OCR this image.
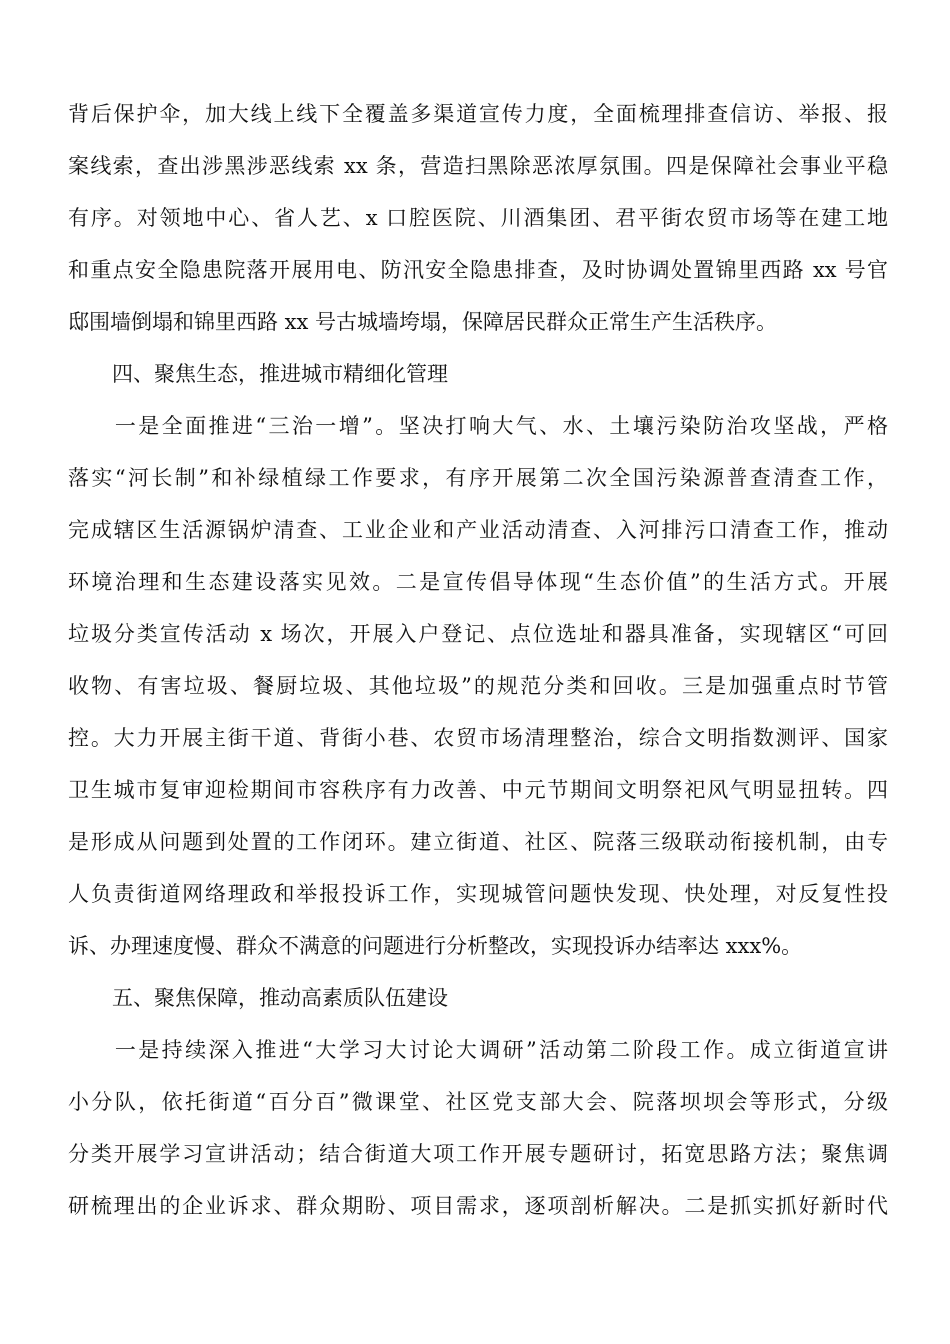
背后保护伞，加大线上线下全覆盖多渠道宣传力度，全面梳理排查信访、举报、报
案线索，查出涉黑涉恶线索 xx 条，营造扫黑除恶浓厚氛围。四是保障社会事业平稳
有序。对领地中心、省人艺、x 口腔医院、川酒集团、君平街农贸市场等在建工地
和重点安全隐患院落开展用电、防汛安全隐患排查，及时协调处置锦里西路 xx 号官
邸围墙倒塌和锦里西路 xx 号古城墙垮塌，保障居民群众正常生产生活秩序。
四、聚焦生态，推进城市精细化管理
　　一是全面推进“三治一增”。坚决打响大气、水、土壤污染防治攻坚战，严格
落实“河长制”和补绿植绿工作要求，有序开展第二次全国污染源普查清查工作，
完成辖区生活源锅炉清查、工业企业和产业活动清查、入河排污口清查工作，推动
环境治理和生态建设落实见效。二是宣传倡导体现“生态价值”的生活方式。开展
垃圾分类宣传活动 x 场次，开展入户登记、点位选址和器具准备，实现辖区“可回
收物、有害垃圾、餐厨垃圾、其他垃圾”的规范分类和回收。三是加强重点时节管
控。大力开展主街干道、背街小巷、农贸市场清理整治，综合文明指数测评、国家
卫生城市复审迎检期间市容秩序有力改善、中元节期间文明祭祀风气明显扭转。四
是形成从问题到处置的工作闭环。建立街道、社区、院落三级联动衔接机制，由专
人负责街道网络理政和举报投诉工作，实现城管问题快发现、快处理，对反复性投
诉、办理速度慢、群众不满意的问题进行分析整改，实现投诉办结率达 xxx%。
五、聚焦保障，推动高素质队伍建设
　　一是持续深入推进“大学习大讨论大调研”活动第二阶段工作。成立街道宣讲
小分队，依托街道“百分百”微课堂、社区党支部大会、院落坝坝会等形式，分级
分类开展学习宣讲活动；结合街道大项工作开展专题研讨，拓宽思路方法；聚焦调
研梳理出的企业诉求、群众期盼、项目需求，逐项剖析解决。二是抓实抓好新时代
